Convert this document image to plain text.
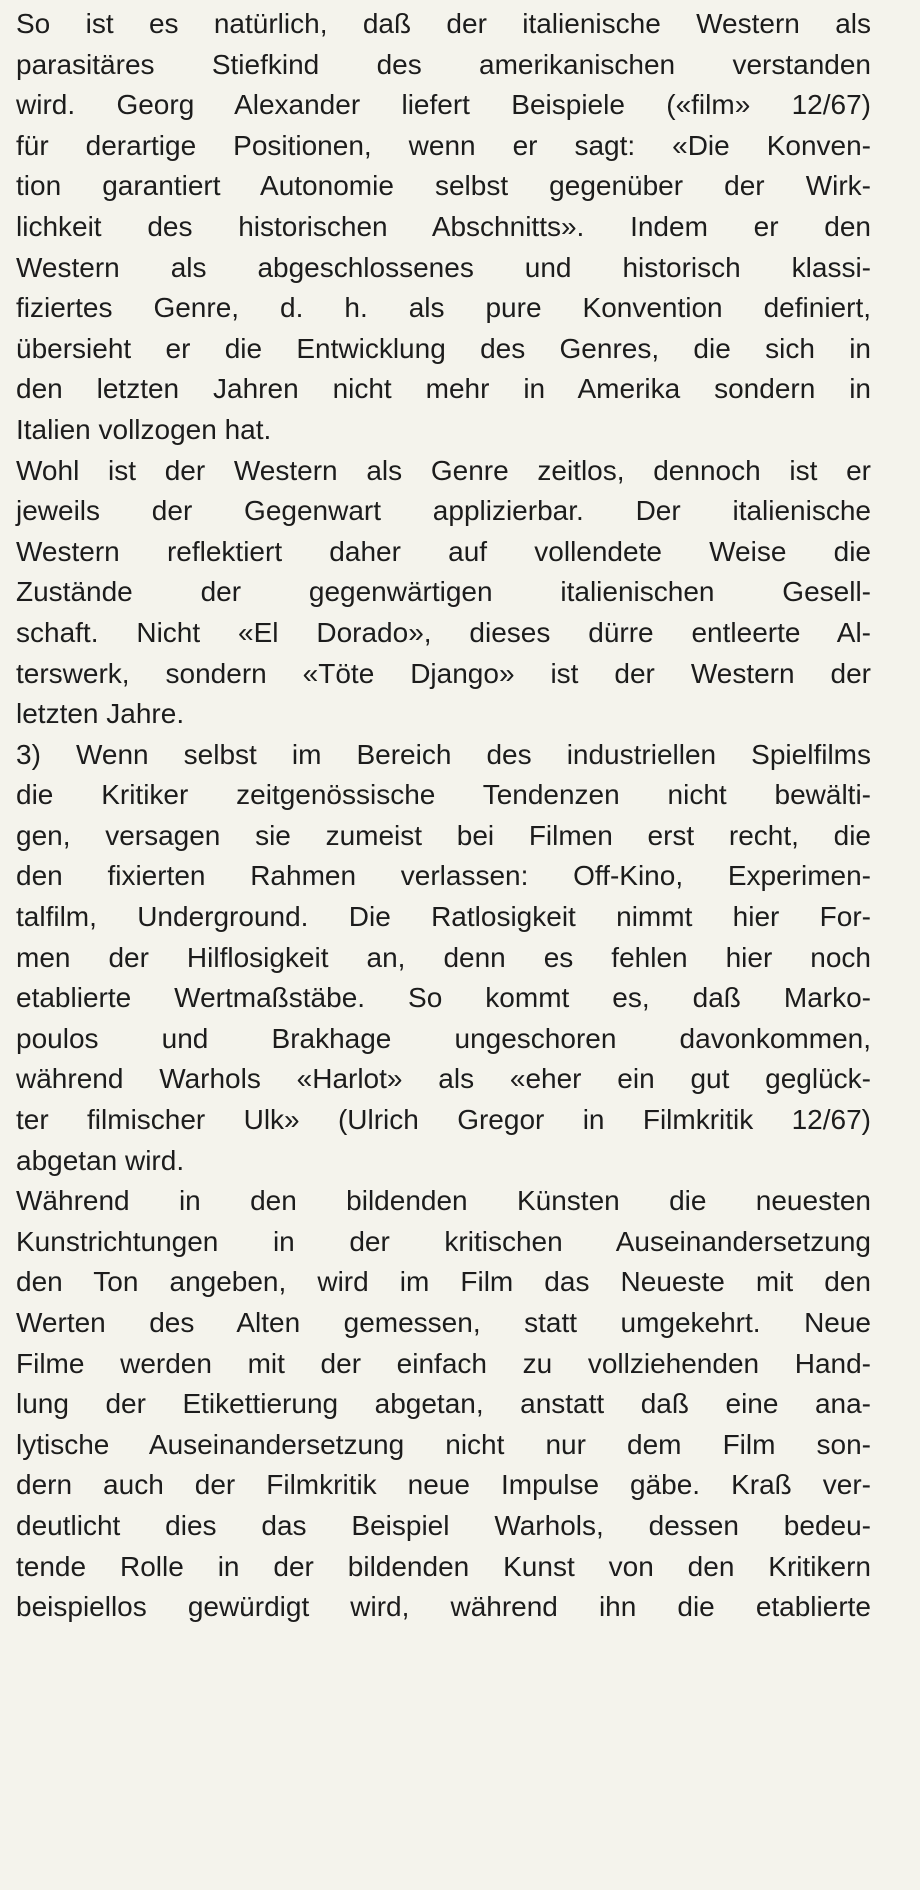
So ist es natürlich, daß der italienische Western als
parasitäres Stiefkind des amerikanischen verstanden
wird. Georg Alexander liefert Beispiele («film» 12/67)
für derartige Positionen, wenn er sagt: «Die Konven-
tion garantiert Autonomie selbst gegenüber der Wirk-
lichkeit des historischen Abschnitts». Indem er den
Western als abgeschlossenes und historisch klassi-
fiziertes Genre, d. h. als pure Konvention definiert,
übersieht er die Entwicklung des Genres, die sich in
den letzten Jahren nicht mehr in Amerika sondern in
Italien vollzogen hat.
Wohl ist der Western als Genre zeitlos, dennoch ist er
jeweils der Gegenwart applizierbar. Der italienische
Western reflektiert daher auf vollendete Weise die
Zustände der gegenwärtigen italienischen Gesell-
schaft. Nicht «El Dorado», dieses dürre entleerte Al-
terswerk, sondern «Töte Django» ist der Western der
letzten Jahre.
3) Wenn selbst im Bereich des industriellen Spielfilms
die Kritiker zeitgenössische Tendenzen nicht bewälti-
gen, versagen sie zumeist bei Filmen erst recht, die
den fixierten Rahmen verlassen: Off-Kino, Experimen-
talfilm, Underground. Die Ratlosigkeit nimmt hier For-
men der Hilflosigkeit an, denn es fehlen hier noch
etablierte Wertmaßstäbe. So kommt es, daß Marko-
poulos und Brakhage ungeschoren davonkommen,
während Warhols «Harlot» als «eher ein gut geglück-
ter filmischer Ulk» (Ulrich Gregor in Filmkritik 12/67)
abgetan wird.
Während in den bildenden Künsten die neuesten
Kunstrichtungen in der kritischen Auseinandersetzung
den Ton angeben, wird im Film das Neueste mit den
Werten des Alten gemessen, statt umgekehrt. Neue
Filme werden mit der einfach zu vollziehenden Hand-
lung der Etikettierung abgetan, anstatt daß eine ana-
lytische Auseinandersetzung nicht nur dem Film son-
dern auch der Filmkritik neue Impulse gäbe. Kraß ver-
deutlicht dies das Beispiel Warhols, dessen bedeu-
tende Rolle in der bildenden Kunst von den Kritikern
beispiellos gewürdigt wird, während ihn die etablierte
